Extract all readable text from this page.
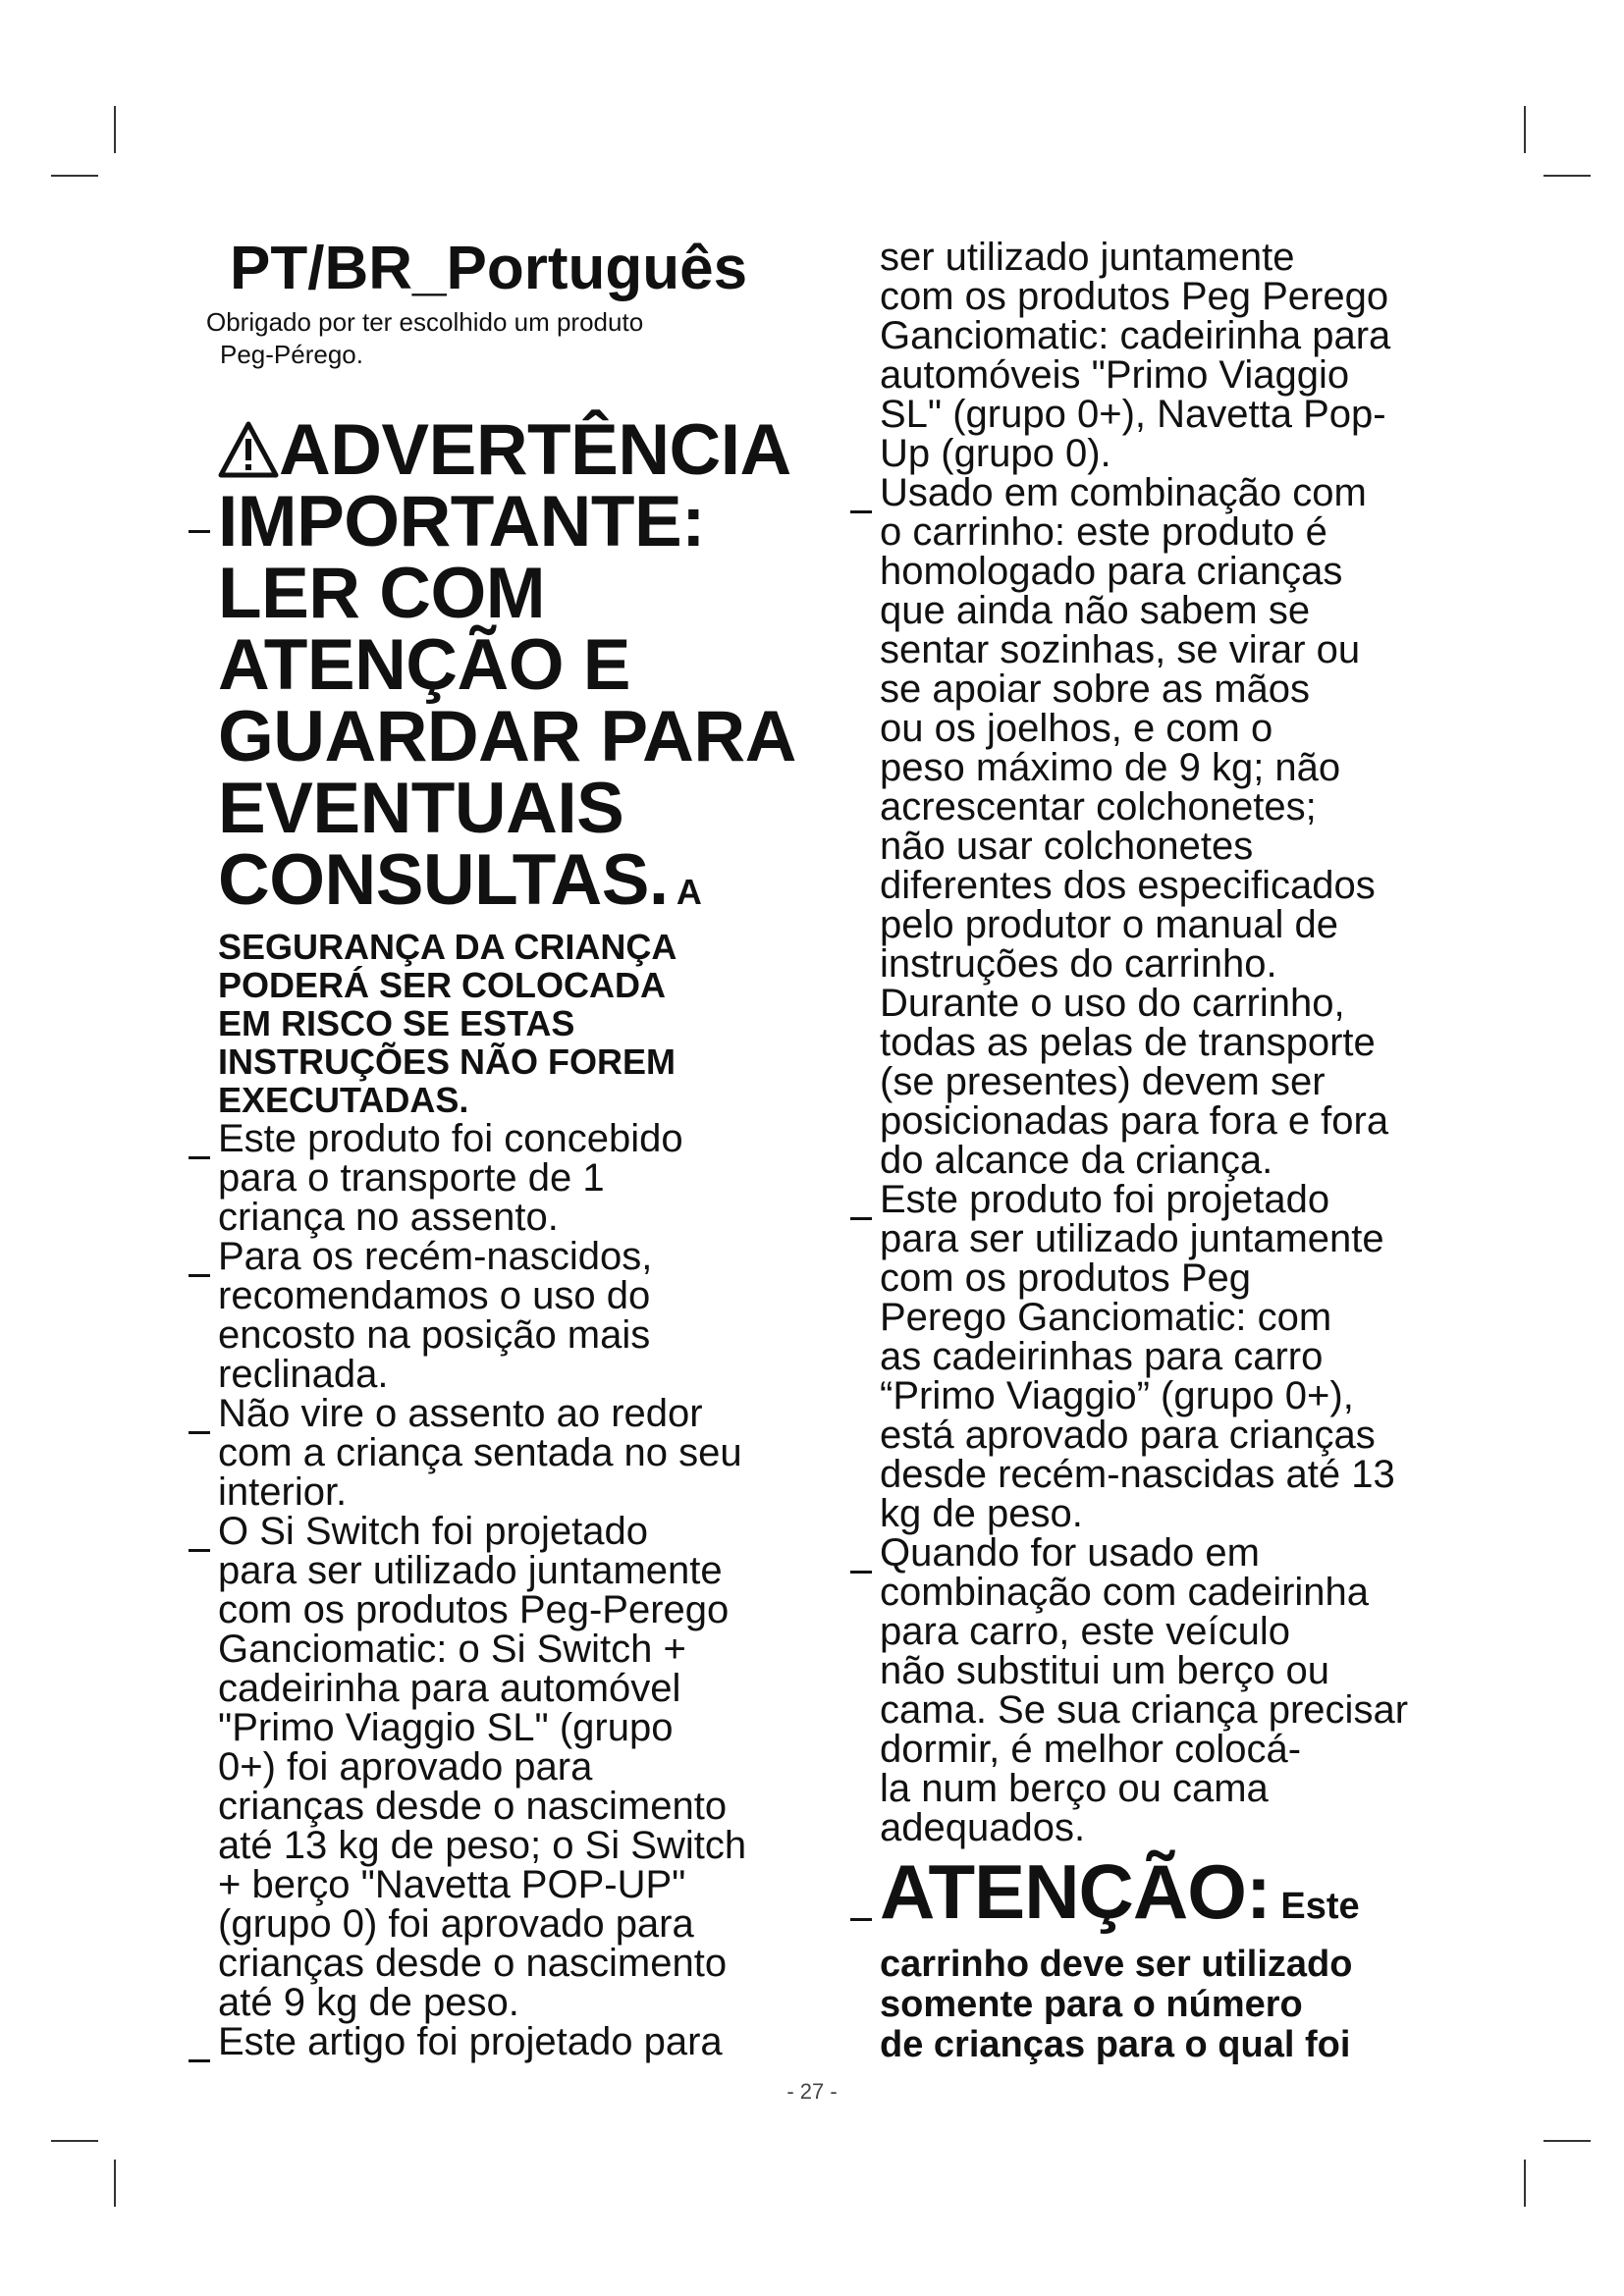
PT/BR_Português
Obrigado por ter escolhido um produto
Peg-Pérego.
ADVERTÊNCIA
IMPORTANTE:
LER COM
ATENÇÃO E
GUARDAR PARA
EVENTUAIS
CONSULTAS. A
SEGURANÇA DA CRIANÇA
PODERÁ SER COLOCADA
EM RISCO SE ESTAS
INSTRUÇÕES NÃO FOREM
EXECUTADAS.
Este produto foi concebido
para o transporte de 1
criança no assento.
Para os recém-nascidos,
recomendamos o uso do
encosto na posição mais
reclinada.
Não vire o assento ao redor
com a criança sentada no seu
interior.
O Si Switch foi projetado
para ser utilizado juntamente
com os produtos Peg-Perego
Ganciomatic: o Si Switch +
cadeirinha para automóvel
"Primo Viaggio SL" (grupo
0+) foi aprovado para
crianças desde o nascimento
até 13 kg de peso; o Si Switch
+ berço "Navetta POP-UP"
(grupo 0) foi aprovado para
crianças desde o nascimento
até 9 kg de peso.
Este artigo foi projetado para
ser utilizado juntamente
com os produtos Peg Perego
Ganciomatic: cadeirinha para
automóveis "Primo Viaggio
SL" (grupo 0+), Navetta Pop-
Up (grupo 0).
Usado em combinação com
o carrinho: este produto é
homologado para crianças
que ainda não sabem se
sentar sozinhas, se virar ou
se apoiar sobre as mãos
ou os joelhos, e com o
peso máximo de 9 kg; não
acrescentar colchonetes;
não usar colchonetes
diferentes dos especificados
pelo produtor o manual de
instruções do carrinho.
Durante o uso do carrinho,
todas as pelas de transporte
(se presentes) devem ser
posicionadas para fora e fora
do alcance da criança.
Este produto foi projetado
para ser utilizado juntamente
com os produtos Peg
Perego Ganciomatic: com
as cadeirinhas para carro
“Primo Viaggio” (grupo 0+),
está aprovado para crianças
desde recém-nascidas até 13
kg de peso.
Quando for usado em
combinação com cadeirinha
para carro, este veículo
não substitui um berço ou
cama. Se sua criança precisar
dormir, é melhor colocá-
la num berço ou cama
adequados.
ATENÇÃO: Este
carrinho deve ser utilizado
somente para o número
de crianças para o qual foi
- 27 -
